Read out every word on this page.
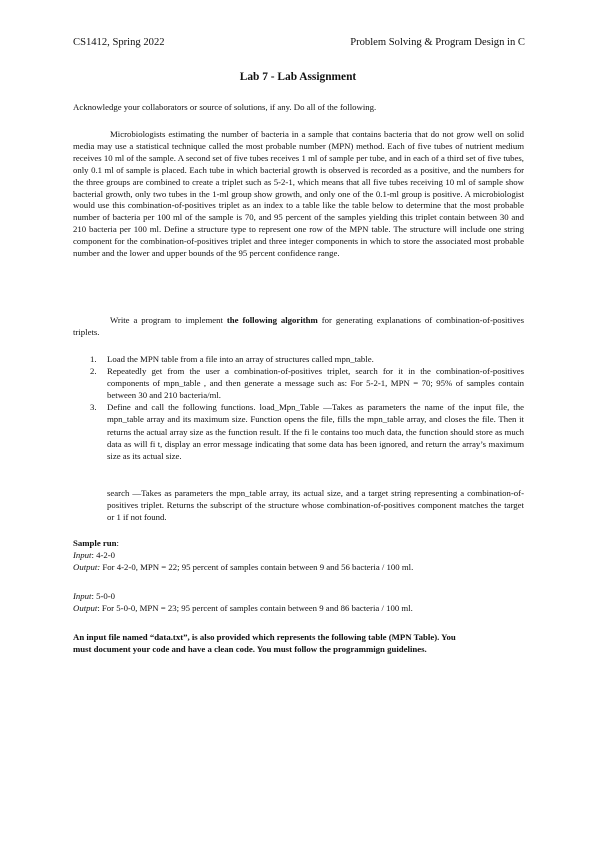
CS1412, Spring 2022	Problem Solving & Program Design in C
Lab 7 - Lab Assignment
Acknowledge your collaborators or source of solutions, if any. Do all of the following.

Microbiologists estimating the number of bacteria in a sample that contains bacteria that do not grow well on solid media may use a statistical technique called the most probable number (MPN) method. Each of five tubes of nutrient medium receives 10 ml of the sample. A second set of five tubes receives 1 ml of sample per tube, and in each of a third set of five tubes, only 0.1 ml of sample is placed. Each tube in which bacterial growth is observed is recorded as a positive, and the numbers for the three groups are combined to create a triplet such as 5-2-1, which means that all five tubes receiving 10 ml of sample show bacterial growth, only two tubes in the 1-ml group show growth, and only one of the 0.1-ml group is positive. A microbiologist would use this combination-of-positives triplet as an index to a table like the table below to determine that the most probable number of bacteria per 100 ml of the sample is 70, and 95 percent of the samples yielding this triplet contain between 30 and 210 bacteria per 100 ml. Define a structure type to represent one row of the MPN table. The structure will include one string component for the combination-of-positives triplet and three integer components in which to store the associated most probable number and the lower and upper bounds of the 95 percent confidence range.

Write a program to implement the following algorithm for generating explanations of combination-of-positives triplets.

1. Load the MPN table from a file into an array of structures called mpn_table.
2. Repeatedly get from the user a combination-of-positives triplet, search for it in the combination-of-positives components of mpn_table , and then generate a message such as: For 5-2-1, MPN = 70; 95% of samples contain between 30 and 210 bacteria/ml.
3. Define and call the following functions. load_Mpn_Table —Takes as parameters the name of the input file, the mpn_table array and its maximum size. Function opens the file, fills the mpn_table array, and closes the file. Then it returns the actual array size as the function result. If the fi le contains too much data, the function should store as much data as will fi t, display an error message indicating that some data has been ignored, and return the array’s maximum size as its actual size.

search —Takes as parameters the mpn_table array, its actual size, and a target string representing a combination-of-positives triplet. Returns the subscript of the structure whose combination-of-positives component matches the target or 1 if not found.

Sample run:
Input: 4-2-0
Output: For 4-2-0, MPN = 22; 95 percent of samples contain between 9 and 56 bacteria / 100 ml.
Input: 5-0-0
Output: For 5-0-0, MPN = 23; 95 percent of samples contain between 9 and 86 bacteria / 100 ml.

An input file named “data.txt”, is also provided which represents the following table (MPN Table). You must document your code and have a clean code. You must follow the programmign guidelines.
